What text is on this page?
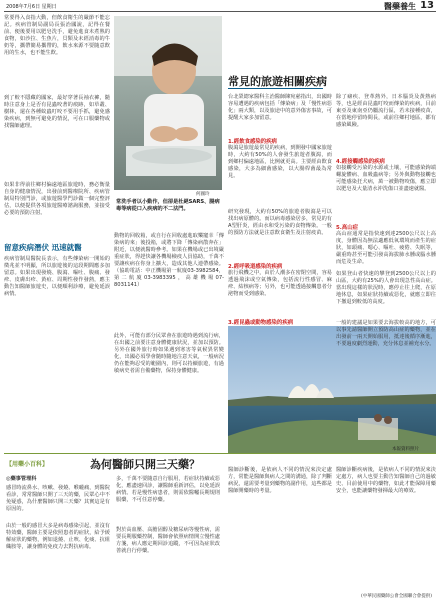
2008年7月6日 星期日	醫藥養生 13
常要得入食指大動，但飲食衛生的嚴節不能忘記。疾病管制局副局長張治國說，記得在餐前、便後要用以肥皂洗手，避免進食未煮熟的食物，如沙拉、生魚片，貝類及未經消毒的牛奶等，攜帶簡易攜帶的，飲水來源不要隨意飲用的生水，也不能生飲。
到了較不隱藏的國家，最好穿著長袖衣褲，隨時注意身上是否有昆蟲咬著的痕跡，如草叢、樹林，還在各種蚊蟲叮咬不要用手抓，避免感染疾病，到無可避免的情況，可在口服藥物或找醫師處理。
如果非得前往鄉村偏遠地區旅遊時，務必衡量自身的健康情況，出發前到醫療院所、疾病管制局特別門診，或旅遊醫學門診做一個完整評估，以便提供各項旅遊醫療諮詢服務，並接受必要的預防注射。
留意疾病潛伏 迅速就醫
疾病管制局醫院長表示，有些傳染病一開始的徵兆並不明顯，所以旅遊後的這段期間應多加留意。如果出現發燒、腹瀉、嘔吐、腹痛、發疹、皮膚出疹、黃疸、周期性發作發熱，應主動告知醫師旅遊史，以便順利診療，避免延誤病情。
何國玲
常洗手者以小動作，但卻是杜絕SARS、腸病毒等病從口入疾病的不二法門。
動物的回收箱，或自行在回收處進取樂寵幸「傳染病的來」後投箱，或將下降「傳染病散奔在」附近，以便就醫時參考。如果在機場或已出境嚴重症狀，得趕快讓各機場檢疫人員協助，千萬不要讓疾病在你身上擴大，造成其他人連帶感染。（協助電話：中正機場第一航廈03-3982584，第二航廈03-3983395，高雄機場07-8031141）
此外，可能有部分民眾會在旅遊時遇到流行病，在出國之前要注意身體健康狀況，並加以預防。另外在國外旅行時如果遇到寒害等氣候異常變化，出國必須學會隨時隨地注意天氣，一般病況仍在能夠忍受的範圍內，則可以持續旅遊，有過敏病史者需自備藥物，保持身體健康。
本報資料照片
常見的旅遊相關疾病
台北榮總家醫科主治醫師陳宛慈指出，出國時容易遭遇的疾病包括「傳染病」及「慢性病惡化」兩大類，以及旅途中的意外傷害事故，可提醒大家多加留意。
1.經飲食感染的疾病
腹瀉是旅遊最常見的疾病，到開發中國家旅遊時，大約有50%的人會發生旅遊者腹瀉，而到鄉村偏遠地區，比例就更高。主要經由飲食感染，大多為細菌感染，以大腸桿菌最為常見。
研究發現，大約有50%的旅遊者腹瀉是可以找出病原體的。而以病毒感染居多，常見的有A型肝炎，經由水和受污染的食物傳染。一般的預防方法就是注意飲食衛生及注射疫苗。
2.經呼吸道感染的疾病
旅行飛機之中，由於人潮多在密閉空間，容易透過飛沫或空氣傳染，包括流行性感冒、麻疹、結核病等；另外，也可能透過接觸患者分泌物而受到感染。
3.經昆蟲或動物感染的疾病
除了瘧疾、登革熱外，日本腦炎及黃熱病等，也是經由昆蟲叮咬而傳染的疾病，目前東亞及東南亞仍屬流行區，若未接種疫苗，在當地停留時間長，或前往鄉村地區，都有感染風險。
4.經接觸感染的疾病
如接觸受污染的水源或土壤，可能感染鉤端螺旋體病、血吸蟲病等；另外與動物接觸也可能感染狂犬病，萬一被動物咬傷，應立即以肥皂及大量清水沖洗傷口並盡速就醫。
5.高山症
高山症通常是指快速到達2500公尺以上高度，身體因為無法適應低氧環境而產生的症狀，如頭痛、噁心、嘔吐、疲倦、失眠等，嚴重時甚至可能引發高海拔肺水腫或腦水腫而危及生命。
如果登山者快速的攀登到2500公尺以上的山區，大約有25%的人會出現急性高山症。當出現這樣的狀況時，應停止往上爬，在原地休息，如果症狀持續或惡化，就應立即往下撤退到較低的高度。
一般的建議是如果要去海拔較高的地方，可以事先請醫師開立預防高山症的藥物，並在出發前一兩天開始服用，抵達後循序漸進，不要過度劇烈運動，充分休息並補充水分。
【用藥小百科】	為何醫師只開三天藥？
◎藥事管理科
感冒時流鼻水、咳嗽、發燒、喉嚨痛，到醫院看診，常常醫師只開了三天的藥，民眾心中不免疑惑，為什麼醫師只開三天藥？其實這是有原因的。
由於一般的感冒大多是病毒感染引起，並沒有特效藥，醫師主要是依照患者的症狀，給予緩解症狀的藥物，例如退燒、止咳、化痰、抗組織胺等，讓身體的免疫力去對抗病毒。
多，千萬不要隨意自行服用，若症狀持續或惡化，應盡速回診，讓醫師重新評估，以免延誤病情。若是慢性病患者，則需依醫囑長期規則服藥，不可任意停藥。
對於高血壓、高膽固醇及糖尿病等慢性病，需要長期服藥控制，醫師會依照病情開立慢性處方箋，病人應定期回診追蹤，不可因為症狀改善就自行停藥。
醫師診斷後，是依病人不同的情況來決定處方，常能是醫師與病人之間的溝通，除了判斷病況，還需要考量到藥物的副作用，這些都是醫師開藥時的考量。
醫師診斷疾病後，是依病人不同的情況來決定處方，病人也要主動告知醫師自己的過敏史、目前使用中的藥物，如此才能保障用藥安全，也能讓藥物發揮最大的療效。
(中華民國藥師公會全國聯合會提供)
